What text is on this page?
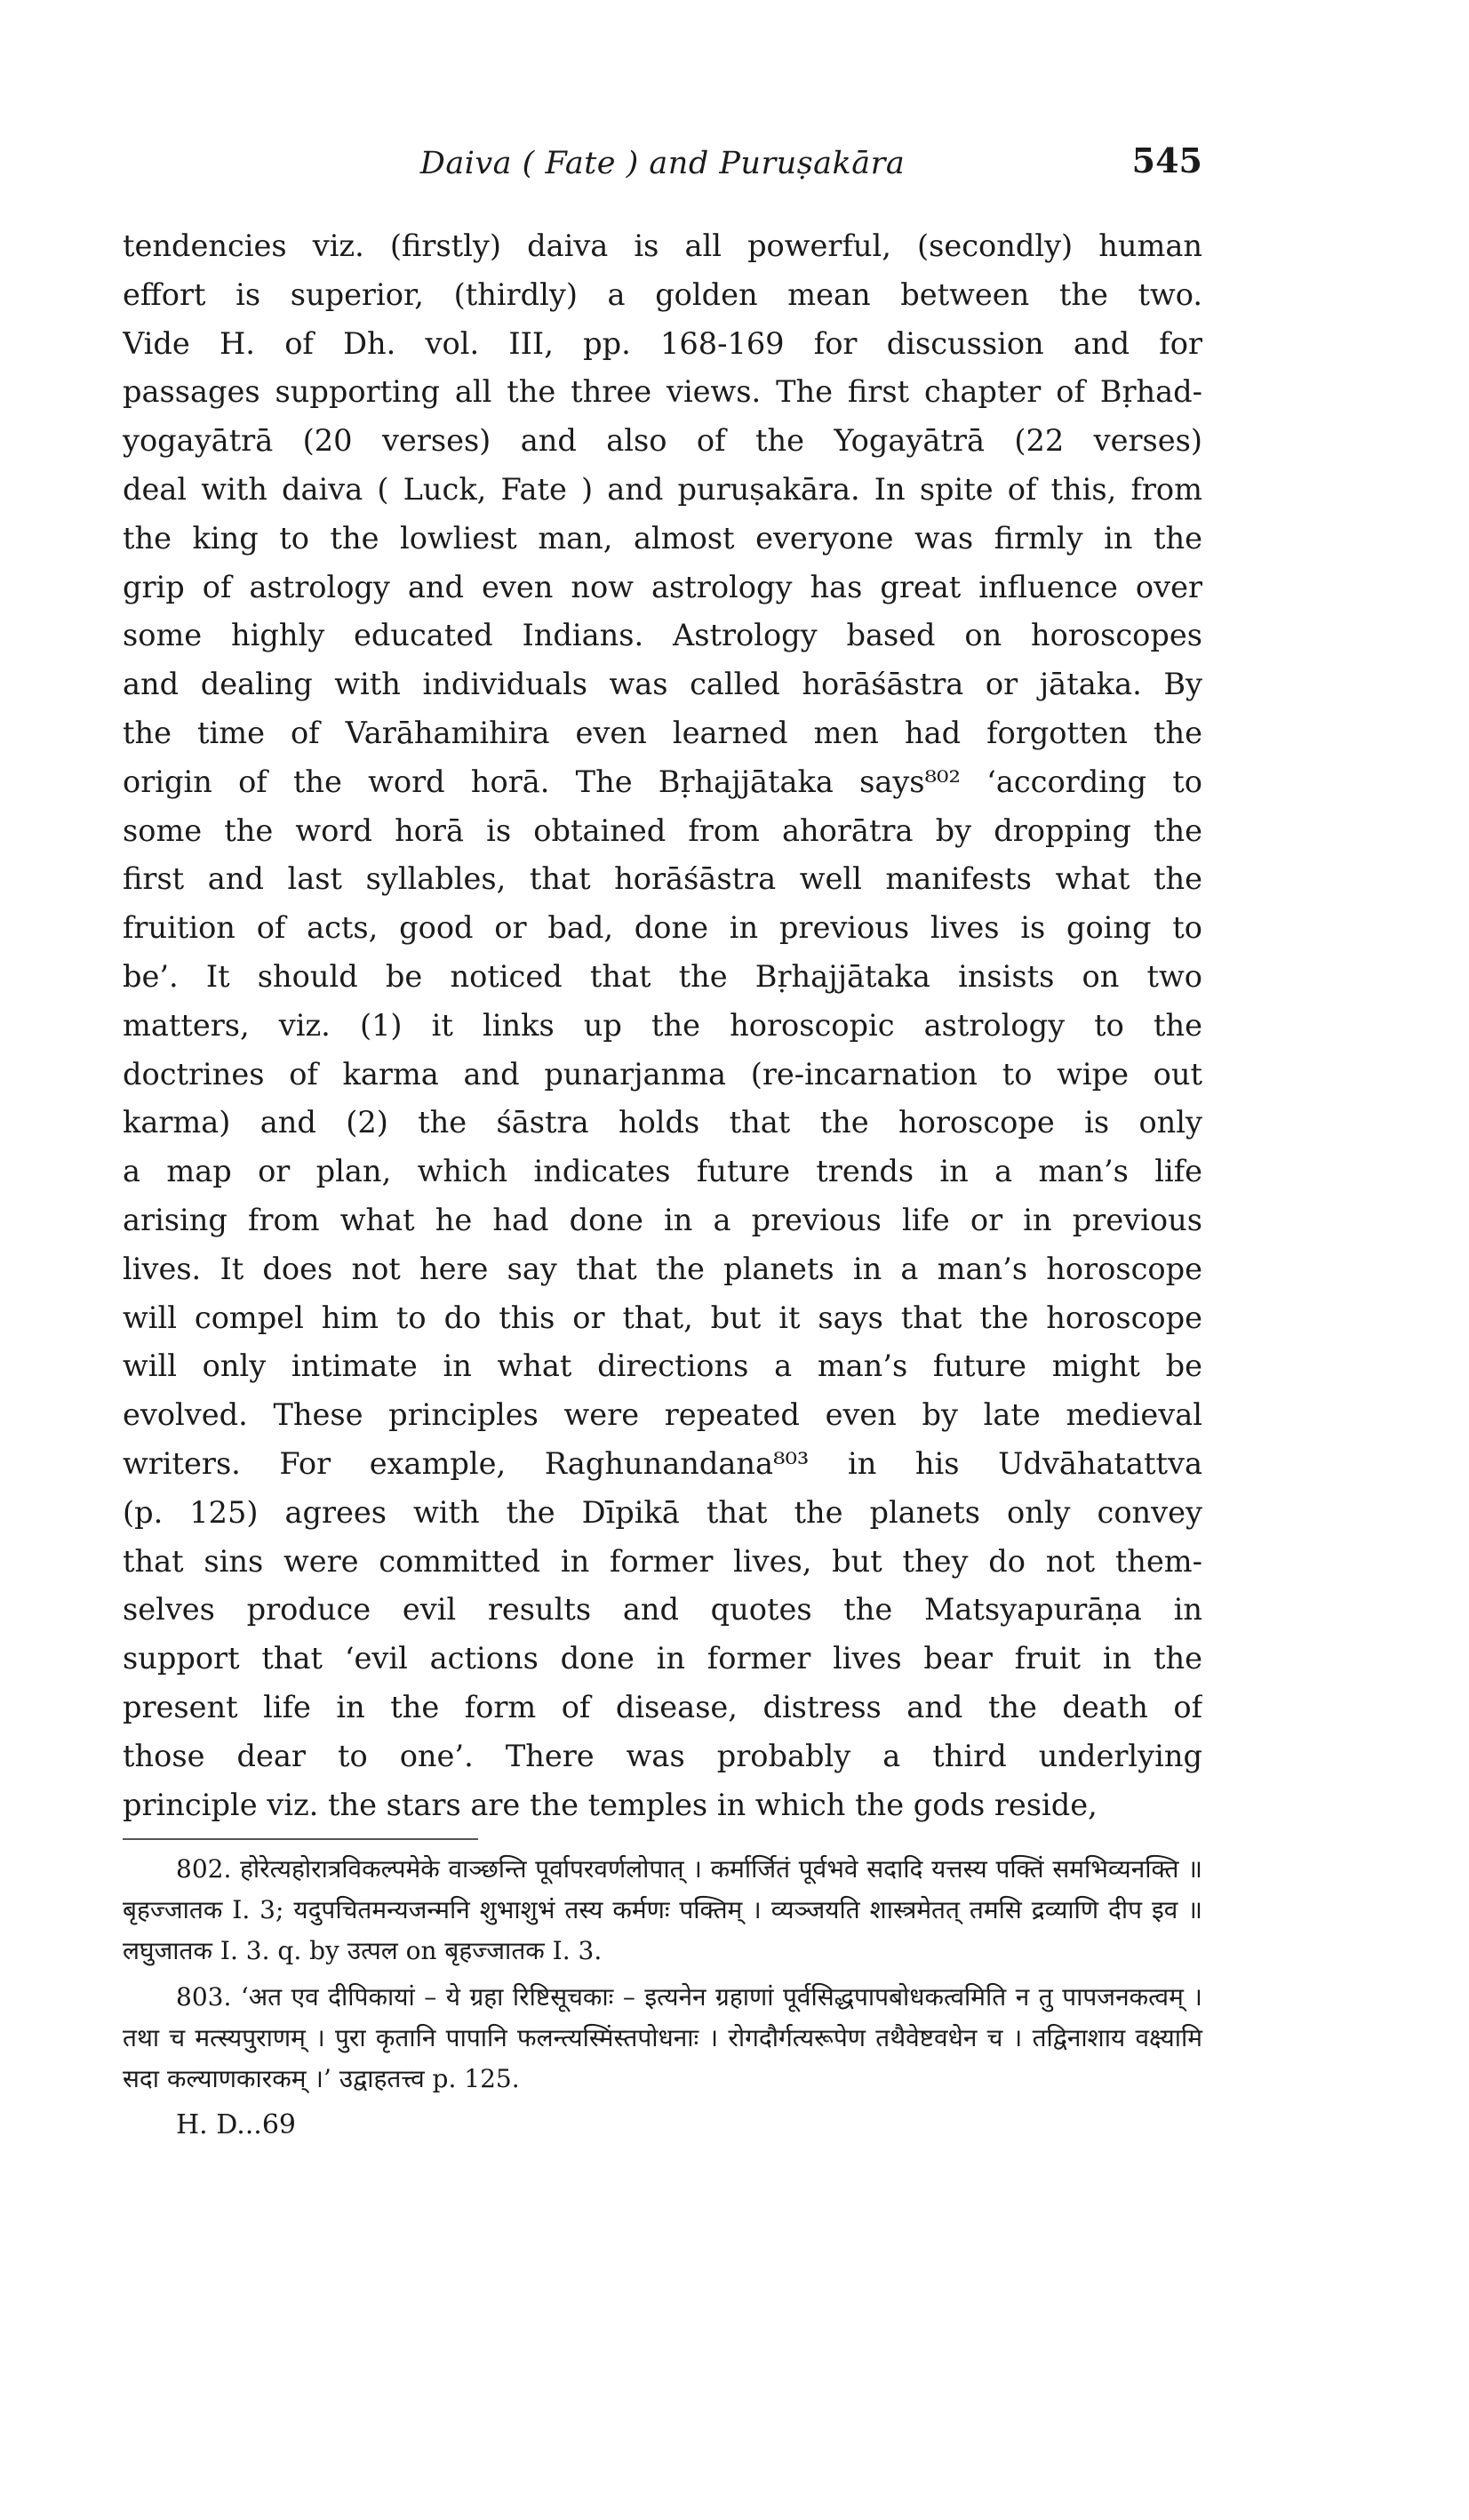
Daiva ( Fate ) and Puruṣakāra	545
tendencies viz. (firstly) daiva is all powerful, (secondly) human
effort is superior, (thirdly) a golden mean between the two.
Vide H. of Dh. vol. III, pp. 168-169 for discussion and for
passages supporting all the three views. The first chapter of Bṛhad-
yogayātrā (20 verses) and also of the Yogayātrā (22 verses)
deal with daiva ( Luck, Fate ) and puruṣakāra. In spite of this, from
the king to the lowliest man, almost everyone was firmly in the
grip of astrology and even now astrology has great influence over
some highly educated Indians. Astrology based on horoscopes
and dealing with individuals was called horāśāstra or jātaka. By
the time of Varāhamihira even learned men had forgotten the
origin of the word horā. The Bṛhajjātaka says⁸⁰² ‘according to
some the word horā is obtained from ahorātra by dropping the
first and last syllables, that horāśāstra well manifests what the
fruition of acts, good or bad, done in previous lives is going to
be’. It should be noticed that the Bṛhajjātaka insists on two
matters, viz. (1) it links up the horoscopic astrology to the
doctrines of karma and punarjanma (re-incarnation to wipe out
karma) and (2) the śāstra holds that the horoscope is only
a map or plan, which indicates future trends in a man’s life
arising from what he had done in a previous life or in previous
lives. It does not here say that the planets in a man’s horoscope
will compel him to do this or that, but it says that the horoscope
will only intimate in what directions a man’s future might be
evolved. These principles were repeated even by late medieval
writers. For example, Raghunandana⁸⁰³ in his Udvāhatattva
(p. 125) agrees with the Dīpikā that the planets only convey
that sins were committed in former lives, but they do not them-
selves produce evil results and quotes the Matsyapurāṇa in
support that ‘evil actions done in former lives bear fruit in the
present life in the form of disease, distress and the death of
those dear to one’. There was probably a third underlying
principle viz. the stars are the temples in which the gods reside,
802. होरेत्यहोरात्रविकल्पमेके वाञ्छन्ति पूर्वापरवर्णलोपात् । कर्मार्जितं पूर्वभवे सदादि यत्तस्य पक्तिं समभिव्यनक्ति ॥ बृहज्जातक I. 3; यदुपचितमन्यजन्मनि शुभाशुभं तस्य कर्मणः पक्तिम् । व्यञ्जयति शास्त्रमेतत् तमसि द्रव्याणि दीप इव ॥ लघुजातक I. 3. q. by उत्पल on बृहज्जातक I. 3.
803. ‘अत एव दीपिकायां – ये ग्रहा रिष्टिसूचकाः – इत्यनेन ग्रहाणां पूर्वसिद्धपापबोधकत्वमिति न तु पापजनकत्वम् । तथा च मत्स्यपुराणम् । पुरा कृतानि पापानि फलन्त्यस्मिंस्तपोधनाः । रोगदौर्गत्यरूपेण तथैवेष्टवधेन च । तद्विनाशाय वक्ष्यामि सदा कल्याणकारकम् ।’ उद्वाहतत्त्व p. 125.
H. D...69
